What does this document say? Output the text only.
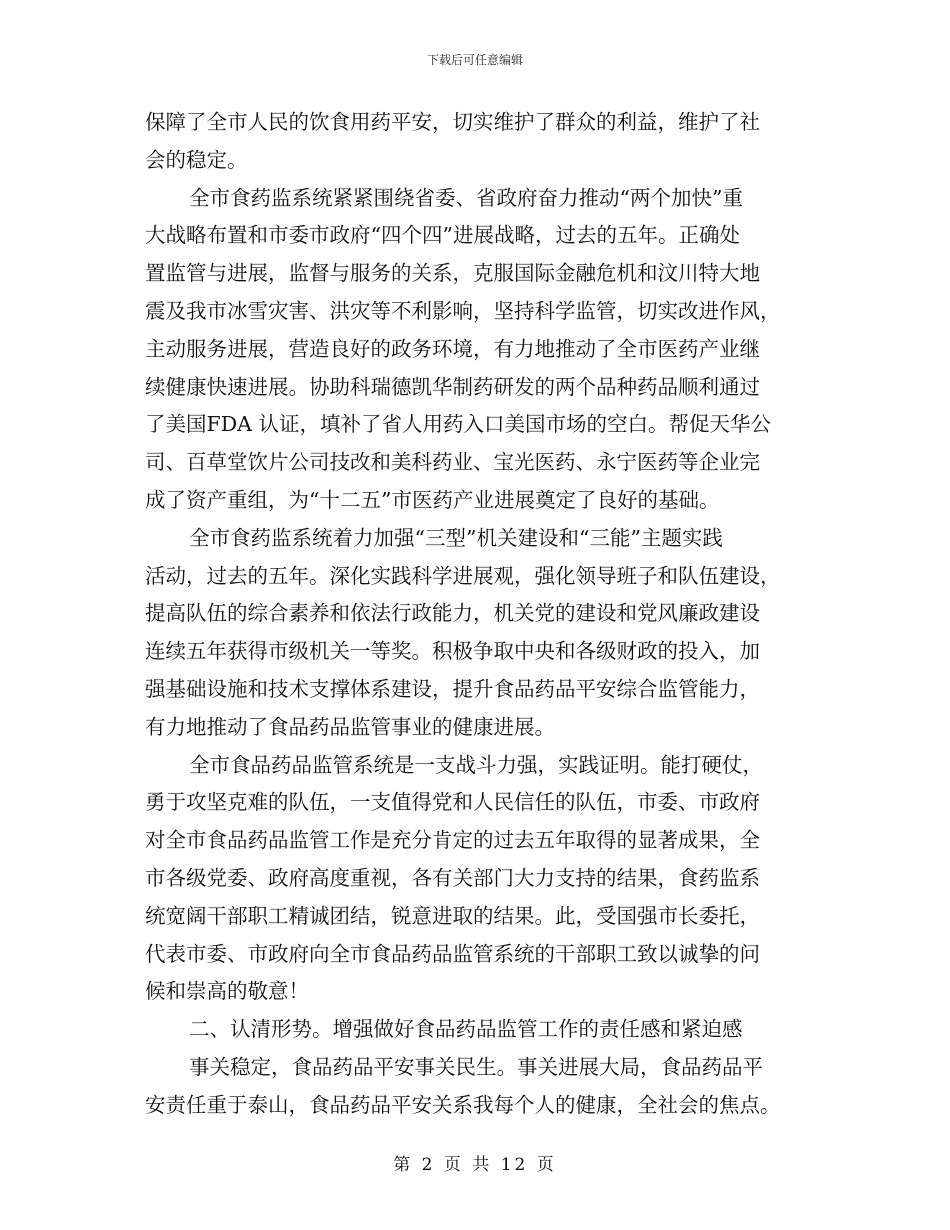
下载后可任意编辑
保障了全市人民的饮食用药平安，切实维护了群众的利益，维护了社
会的稳定。
全市食药监系统紧紧围绕省委、省政府奋力推动“两个加快”重
大战略布置和市委市政府“四个四”进展战略，过去的五年。正确处
置监管与进展，监督与服务的关系，克服国际金融危机和汶川特大地
震及我市冰雪灾害、洪灾等不利影响，坚持科学监管，切实改进作风，
主动服务进展，营造良好的政务环境，有力地推动了全市医药产业继
续健康快速进展。协助科瑞德凯华制药研发的两个品种药品顺利通过
了美国FDA 认证，填补了省人用药入口美国市场的空白。帮促天华公
司、百草堂饮片公司技改和美科药业、宝光医药、永宁医药等企业完
成了资产重组，为“十二五”市医药产业进展奠定了良好的基础。
全市食药监系统着力加强“三型”机关建设和“三能”主题实践
活动，过去的五年。深化实践科学进展观，强化领导班子和队伍建设，
提高队伍的综合素养和依法行政能力，机关党的建设和党风廉政建设
连续五年获得市级机关一等奖。积极争取中央和各级财政的投入，加
强基础设施和技术支撑体系建设，提升食品药品平安综合监管能力，
有力地推动了食品药品监管事业的健康进展。
全市食品药品监管系统是一支战斗力强，实践证明。能打硬仗，
勇于攻坚克难的队伍，一支值得党和人民信任的队伍，市委、市政府
对全市食品药品监管工作是充分肯定的过去五年取得的显著成果，全
市各级党委、政府高度重视，各有关部门大力支持的结果，食药监系
统宽阔干部职工精诚团结，锐意进取的结果。此，受国强市长委托，
代表市委、市政府向全市食品药品监管系统的干部职工致以诚挚的问
候和崇高的敬意！
二、认清形势。增强做好食品药品监管工作的责任感和紧迫感
事关稳定，食品药品平安事关民生。事关进展大局，食品药品平
安责任重于泰山，食品药品平安关系我每个人的健康，全社会的焦点。
第 2 页 共 12 页
